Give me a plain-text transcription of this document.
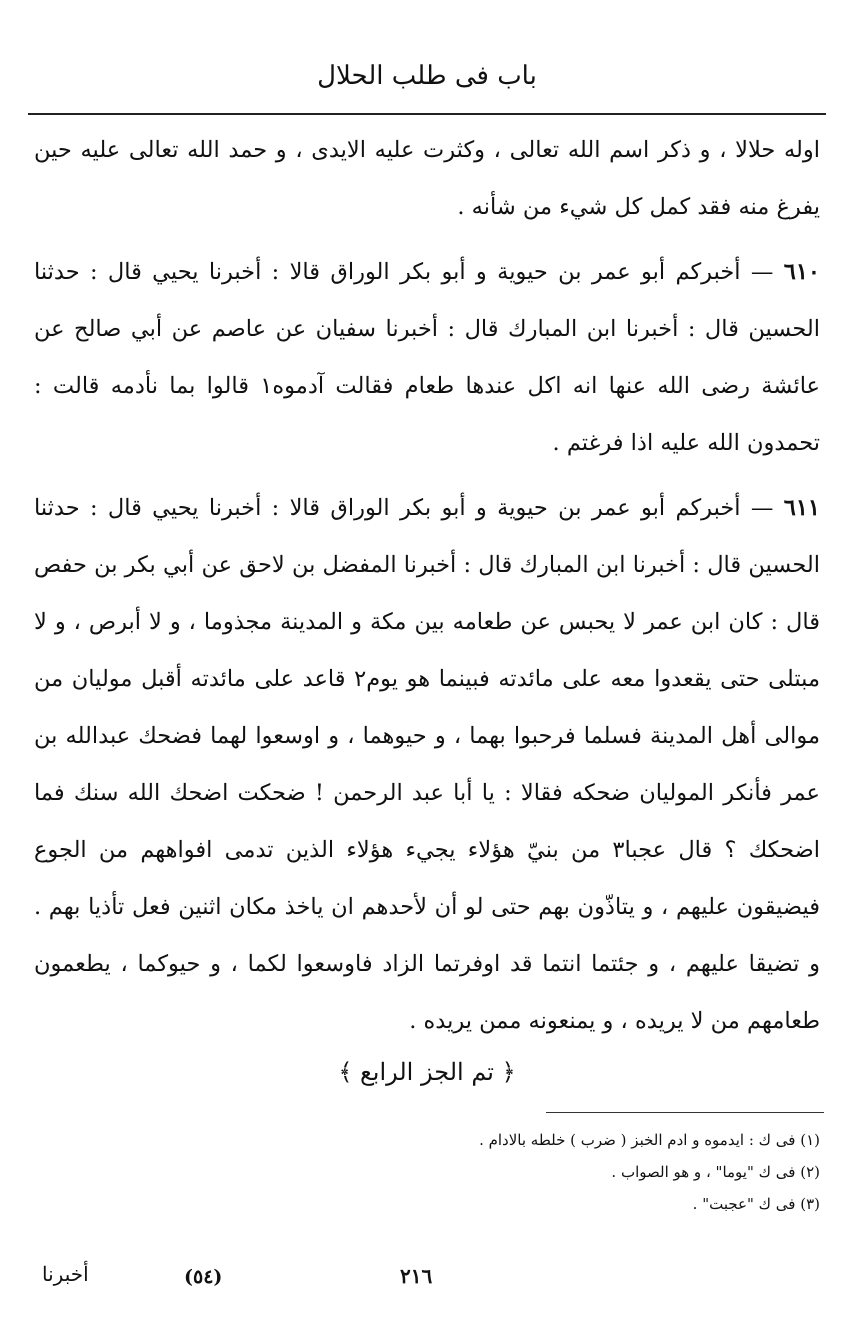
باب فى طلب الحلال

اوله حلالا ، و ذكر اسم الله تعالى ، وكثرت عليه الايدى ، و حمد الله تعالى عليه حين يفرغ منه فقد كمل كل شيء من شأنه .

٦١٠ — أخبركم أبو عمر بن حيوية و أبو بكر الوراق قالا : أخبرنا يحيي قال : حدثنا الحسين قال : أخبرنا ابن المبارك قال : أخبرنا سفيان عن عاصم عن أبي صالح عن عائشة رضى الله عنها انه اكل عندها طعام فقالت آدموه١ قالوا بما نأدمه قالت : تحمدون الله عليه اذا فرغتم .

٦١١ — أخبركم أبو عمر بن حيوية و أبو بكر الوراق قالا : أخبرنا يحيي قال : حدثنا الحسين قال : أخبرنا ابن المبارك قال : أخبرنا المفضل بن لاحق عن أبي بكر بن حفص قال : كان ابن عمر لا يحبس عن طعامه بين مكة و المدينة مجذوما ، و لا أبرص ، و لا مبتلى حتى يقعدوا معه على مائدته فبينما هو يوم٢ قاعد على مائدته أقبل موليان من موالى أهل المدينة فسلما فرحبوا بهما ، و حيوهما ، و اوسعوا لهما فضحك عبدالله بن عمر فأنكر الموليان ضحكه فقالا : يا أبا عبد الرحمن ! ضحكت اضحك الله سنك فما اضحكك ؟ قال عجبا٣ من بنيّ هؤلاء يجيء هؤلاء الذين تدمى افواههم من الجوع فيضيقون عليهم ، و يتاذّون بهم حتى لو أن لأحدهم ان ياخذ مكان اثنين فعل تأذيا بهم . و تضيقا عليهم ، و جئتما انتما قد اوفرتما الزاد فاوسعوا لكما ، و حيوكما ، يطعمون طعامهم من لا يريده ، و يمنعونه ممن يريده .

﴿ تم الجز الرابع ﴾
(١) فى ك : ايدموه و ادم الخبز ( ضرب ) خلطه بالادام .
(٢) فى ك "يوما" ، و هو الصواب .
(٣) فى ك "عجبت" .
أخبرنا	(٥٤)	٢١٦
